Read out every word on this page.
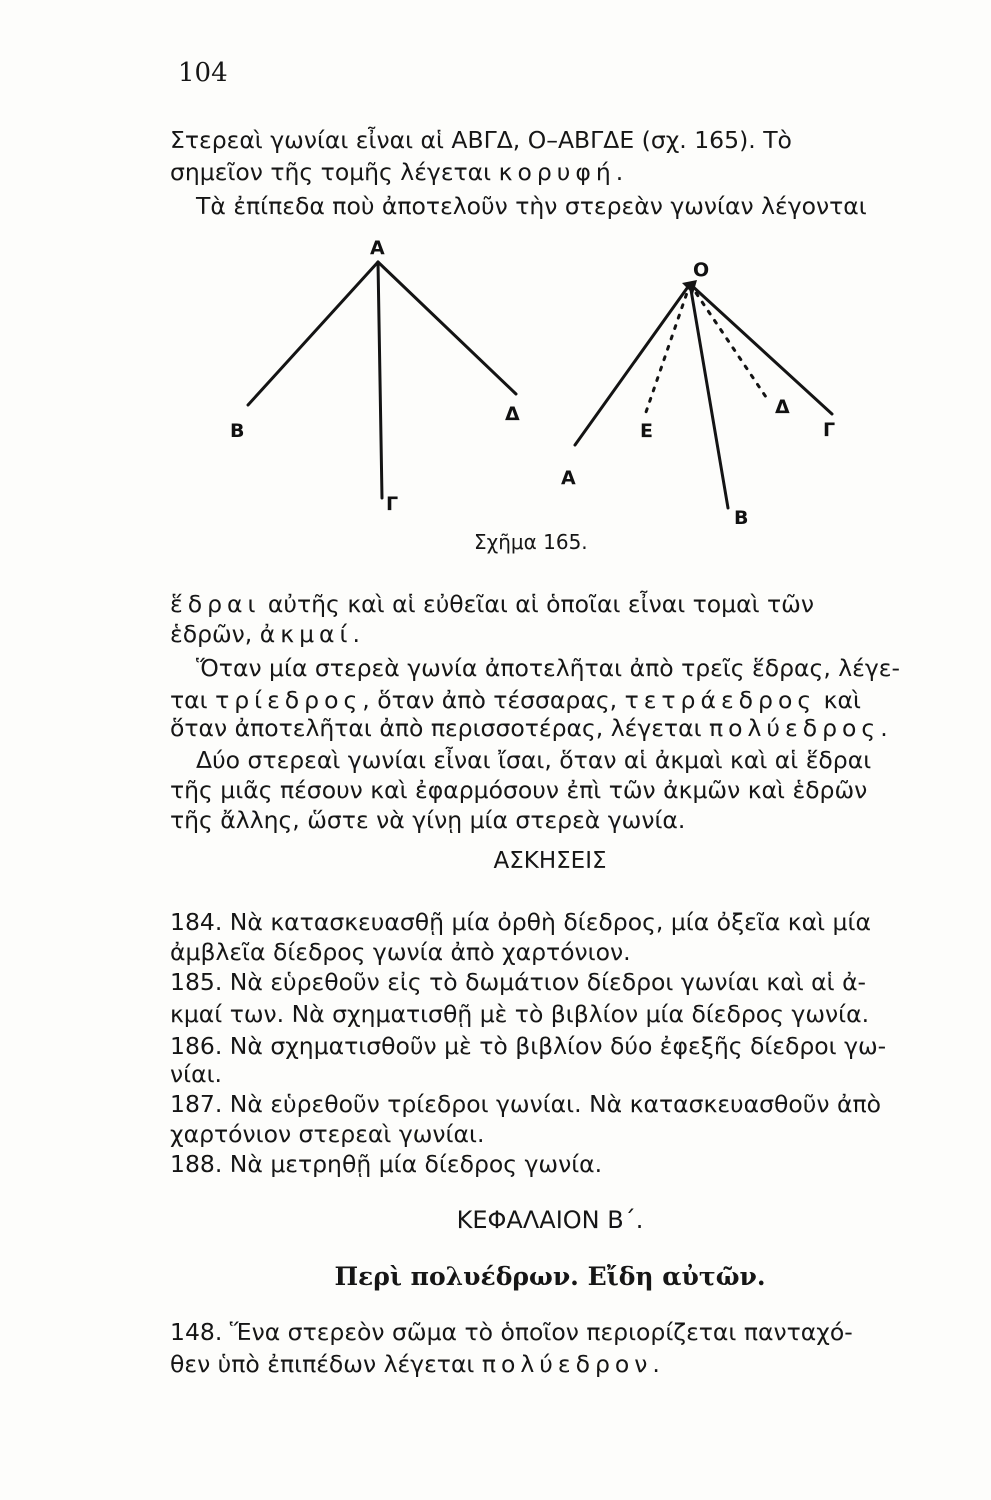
104
Στερεαὶ γωνίαι εἶναι αἱ ΑΒΓΔ, Ο–ΑΒΓΔΕ (σχ. 165). Τὸ
σημεῖον τῆς τομῆς λέγεται κορυφή.
Τὰ ἐπίπεδα ποὺ ἀποτελοῦν τὴν στερεὰν γωνίαν λέγονται
Α
Β
Γ
Δ
Ο
Α
Β
Γ
Δ
Ε
Σχῆμα 165.
ἕδραι αὐτῆς καὶ αἱ εὐθεῖαι αἱ ὁποῖαι εἶναι τομαὶ τῶν
ἑδρῶν, ἀκμαί.
Ὅταν μία στερεὰ γωνία ἀποτελῆται ἀπὸ τρεῖς ἕδρας, λέγε-
ται τρίεδρος, ὅταν ἀπὸ τέσσαρας, τετράεδρος καὶ
ὅταν ἀποτελῆται ἀπὸ περισσοτέρας, λέγεται πολύεδρος.
Δύο στερεαὶ γωνίαι εἶναι ἴσαι, ὅταν αἱ ἀκμαὶ καὶ αἱ ἕδραι
τῆς μιᾶς πέσουν καὶ ἐφαρμόσουν ἐπὶ τῶν ἀκμῶν καὶ ἑδρῶν
τῆς ἄλλης, ὥστε νὰ γίνῃ μία στερεὰ γωνία.
ΑΣΚΗΣΕΙΣ
184. Νὰ κατασκευασθῇ μία ὀρθὴ δίεδρος, μία ὀξεῖα καὶ μία
ἀμβλεῖα δίεδρος γωνία ἀπὸ χαρτόνιον.
185. Νὰ εὑρεθοῦν εἰς τὸ δωμάτιον δίεδροι γωνίαι καὶ αἱ ἀ-
κμαί των. Νὰ σχηματισθῇ μὲ τὸ βιβλίον μία δίεδρος γωνία.
186. Νὰ σχηματισθοῦν μὲ τὸ βιβλίον δύο ἐφεξῆς δίεδροι γω-
νίαι.
187. Νὰ εὑρεθοῦν τρίεδροι γωνίαι. Νὰ κατασκευασθοῦν ἀπὸ
χαρτόνιον στερεαὶ γωνίαι.
188. Νὰ μετρηθῇ μία δίεδρος γωνία.
ΚΕΦΑΛΑΙΟΝ Β΄.
Περὶ πολυέδρων. Εἴδη αὐτῶν.
148. Ἕνα στερεὸν σῶμα τὸ ὁποῖον περιορίζεται πανταχό-
θεν ὑπὸ ἐπιπέδων λέγεται πολύεδρον.
